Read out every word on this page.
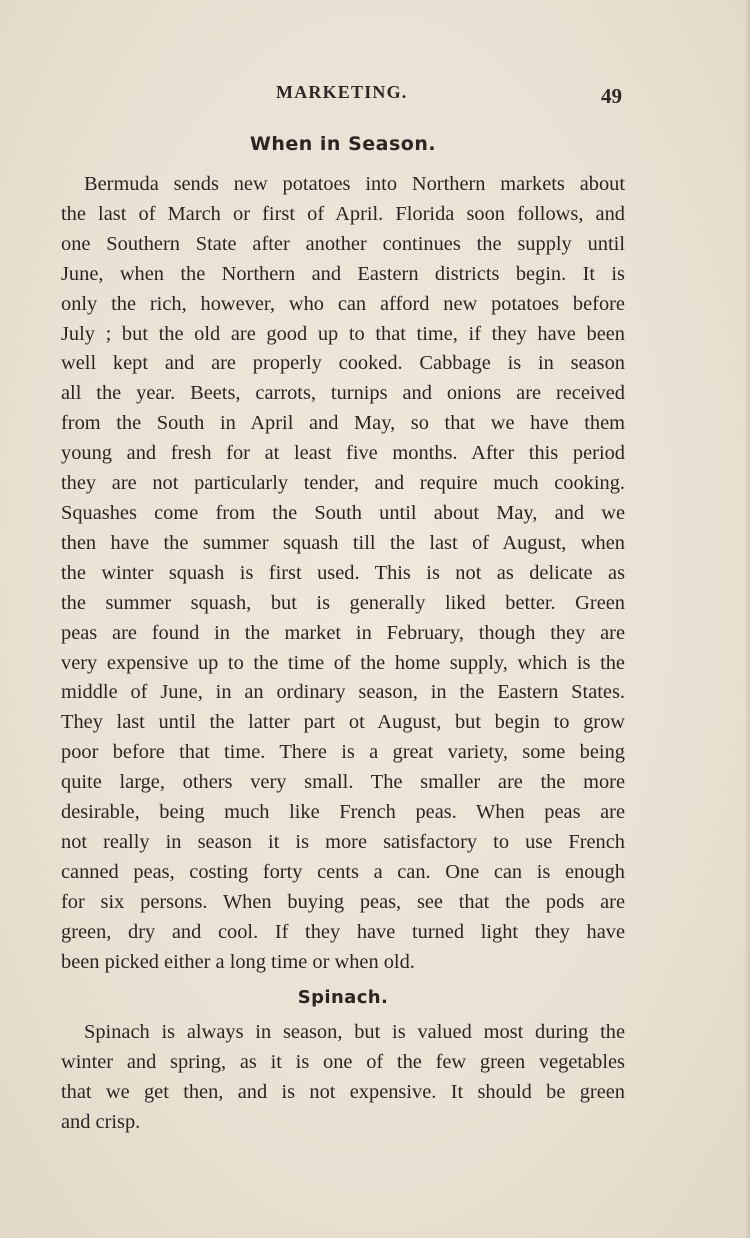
MARKETING.	49
When in Season.
Bermuda sends new potatoes into Northern markets about
the last of March or first of April. Florida soon follows, and
one Southern State after another continues the supply until
June, when the Northern and Eastern districts begin. It is
only the rich, however, who can afford new potatoes before
July ; but the old are good up to that time, if they have been
well kept and are properly cooked. Cabbage is in season
all the year. Beets, carrots, turnips and onions are received
from the South in April and May, so that we have them
young and fresh for at least five months. After this period
they are not particularly tender, and require much cooking.
Squashes come from the South until about May, and we
then have the summer squash till the last of August, when
the winter squash is first used. This is not as delicate as
the summer squash, but is generally liked better. Green
peas are found in the market in February, though they are
very expensive up to the time of the home supply, which is the
middle of June, in an ordinary season, in the Eastern States.
They last until the latter part ot August, but begin to grow
poor before that time. There is a great variety, some being
quite large, others very small. The smaller are the more
desirable, being much like French peas. When peas are
not really in season it is more satisfactory to use French
canned peas, costing forty cents a can. One can is enough
for six persons. When buying peas, see that the pods are
green, dry and cool. If they have turned light they have
been picked either a long time or when old.
Spinach.
Spinach is always in season, but is valued most during the
winter and spring, as it is one of the few green vegetables
that we get then, and is not expensive. It should be green
and crisp.
